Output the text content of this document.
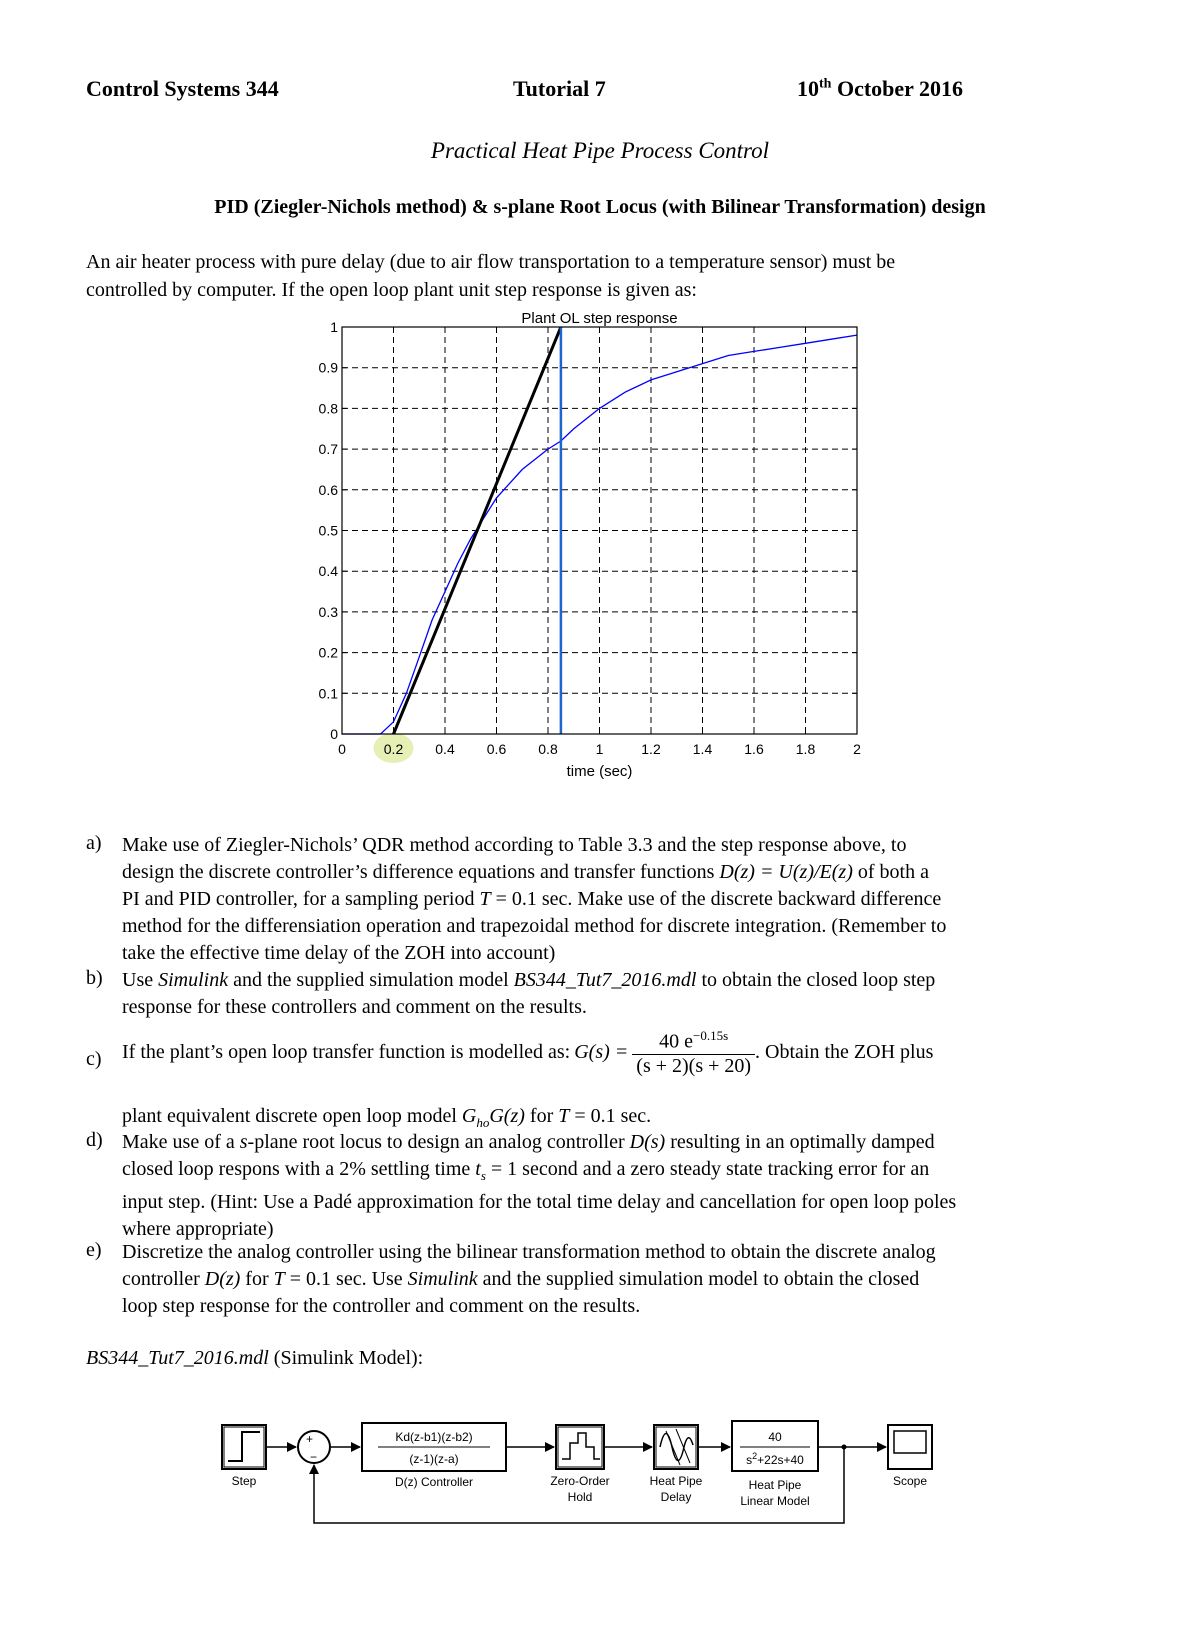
Control Systems 344	Tutorial 7	10th October 2016
Practical Heat Pipe Process Control
PID (Ziegler-Nichols method) & s-plane Root Locus (with Bilinear Transformation) design
An air heater process with pure delay (due to air flow transportation to a temperature sensor) must be
controlled by computer. If the open loop plant unit step response is given as:
0	0.2 0.4 0.6 0.8	1	1.2 1.4 1.6 1.8	2
0
0.1
0.2
0.3
0.4
0.5
0.6
0.7
0.8
0.9
1	Plant OL step response
time (sec)
a) Make use of Ziegler-Nichols’ QDR method according to Table 3.3 and the step response above, to
design the discrete controller’s difference equations and transfer functions D(z) = U(z)/E(z) of both a
PI and PID controller, for a sampling period T = 0.1 sec. Make use of the discrete backward difference
method for the differensiation operation and trapezoidal method for discrete integration. (Remember to
take the effective time delay of the ZOH into account)
b) Use Simulink and the supplied simulation model BS344_Tut7_2016.mdl to obtain the closed loop step
response for these controllers and comment on the results.
c) If the plant’s open loop transfer function is modelled as: $G(s) = \frac{40 e^{-0.15s}}{(s + 2)(s + 20)}$ . Obtain the ZOH plus
plant equivalent discrete open loop model $G_{ho}G(z)$ for T = 0.1 sec.
d) Make use of a s-plane root locus to design an analog controller D(s) resulting in an optimally damped
closed loop respons with a 2% settling time $t_s = 1$ second and a zero steady state tracking error for an
input step. (Hint: Use a Padé approximation for the total time delay and cancellation for open loop poles
where appropriate)
e) Discretize the analog controller using the bilinear transformation method to obtain the discrete analog
controller D(z) for T = 0.1 sec. Use Simulink and the supplied simulation model to obtain the closed
loop step response for the controller and comment on the results.
BS344_Tut7_2016.mdl (Simulink Model):
Step
+
−
Kd(z-b1)(z-b2)
(z-1)(z-a)
D(z) Controller	Zero-Order
Hold
Heat Pipe
Delay
40
$s^2+22s+40$
Heat Pipe
Linear Model
Scope
